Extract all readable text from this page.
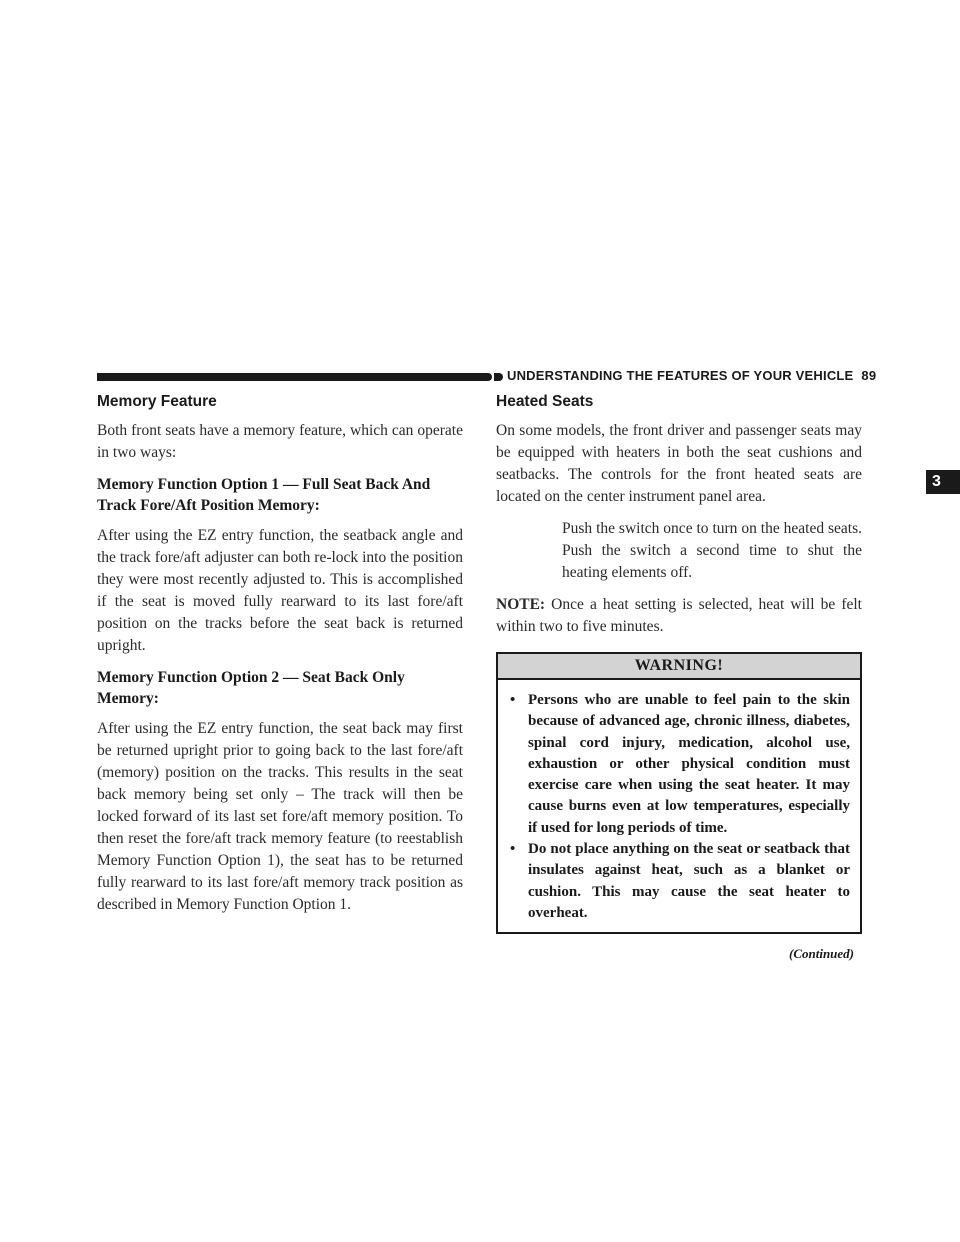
UNDERSTANDING THE FEATURES OF YOUR VEHICLE 89
3
Memory Feature

Both front seats have a memory feature, which can operate in two ways:

Memory Function Option 1 — Full Seat Back And Track Fore/Aft Position Memory:

After using the EZ entry function, the seatback angle and the track fore/aft adjuster can both re-lock into the position they were most recently adjusted to. This is accomplished if the seat is moved fully rearward to its last fore/aft position on the tracks before the seat back is returned upright.

Memory Function Option 2 — Seat Back Only Memory:

After using the EZ entry function, the seat back may first be returned upright prior to going back to the last fore/aft (memory) position on the tracks. This results in the seat back memory being set only – The track will then be locked forward of its last set fore/aft memory position. To then reset the fore/aft track memory feature (to reestablish Memory Function Option 1), the seat has to be returned fully rearward to its last fore/aft memory track position as described in Memory Function Option 1.

Heated Seats

On some models, the front driver and passenger seats may be equipped with heaters in both the seat cushions and seatbacks. The controls for the front heated seats are located on the center instrument panel area.

Push the switch once to turn on the heated seats. Push the switch a second time to shut the heating elements off.

NOTE: Once a heat setting is selected, heat will be felt within two to five minutes.

WARNING!
• Persons who are unable to feel pain to the skin because of advanced age, chronic illness, diabetes, spinal cord injury, medication, alcohol use, exhaustion or other physical condition must exercise care when using the seat heater. It may cause burns even at low temperatures, especially if used for long periods of time.
• Do not place anything on the seat or seatback that insulates against heat, such as a blanket or cushion. This may cause the seat heater to overheat.
(Continued)
